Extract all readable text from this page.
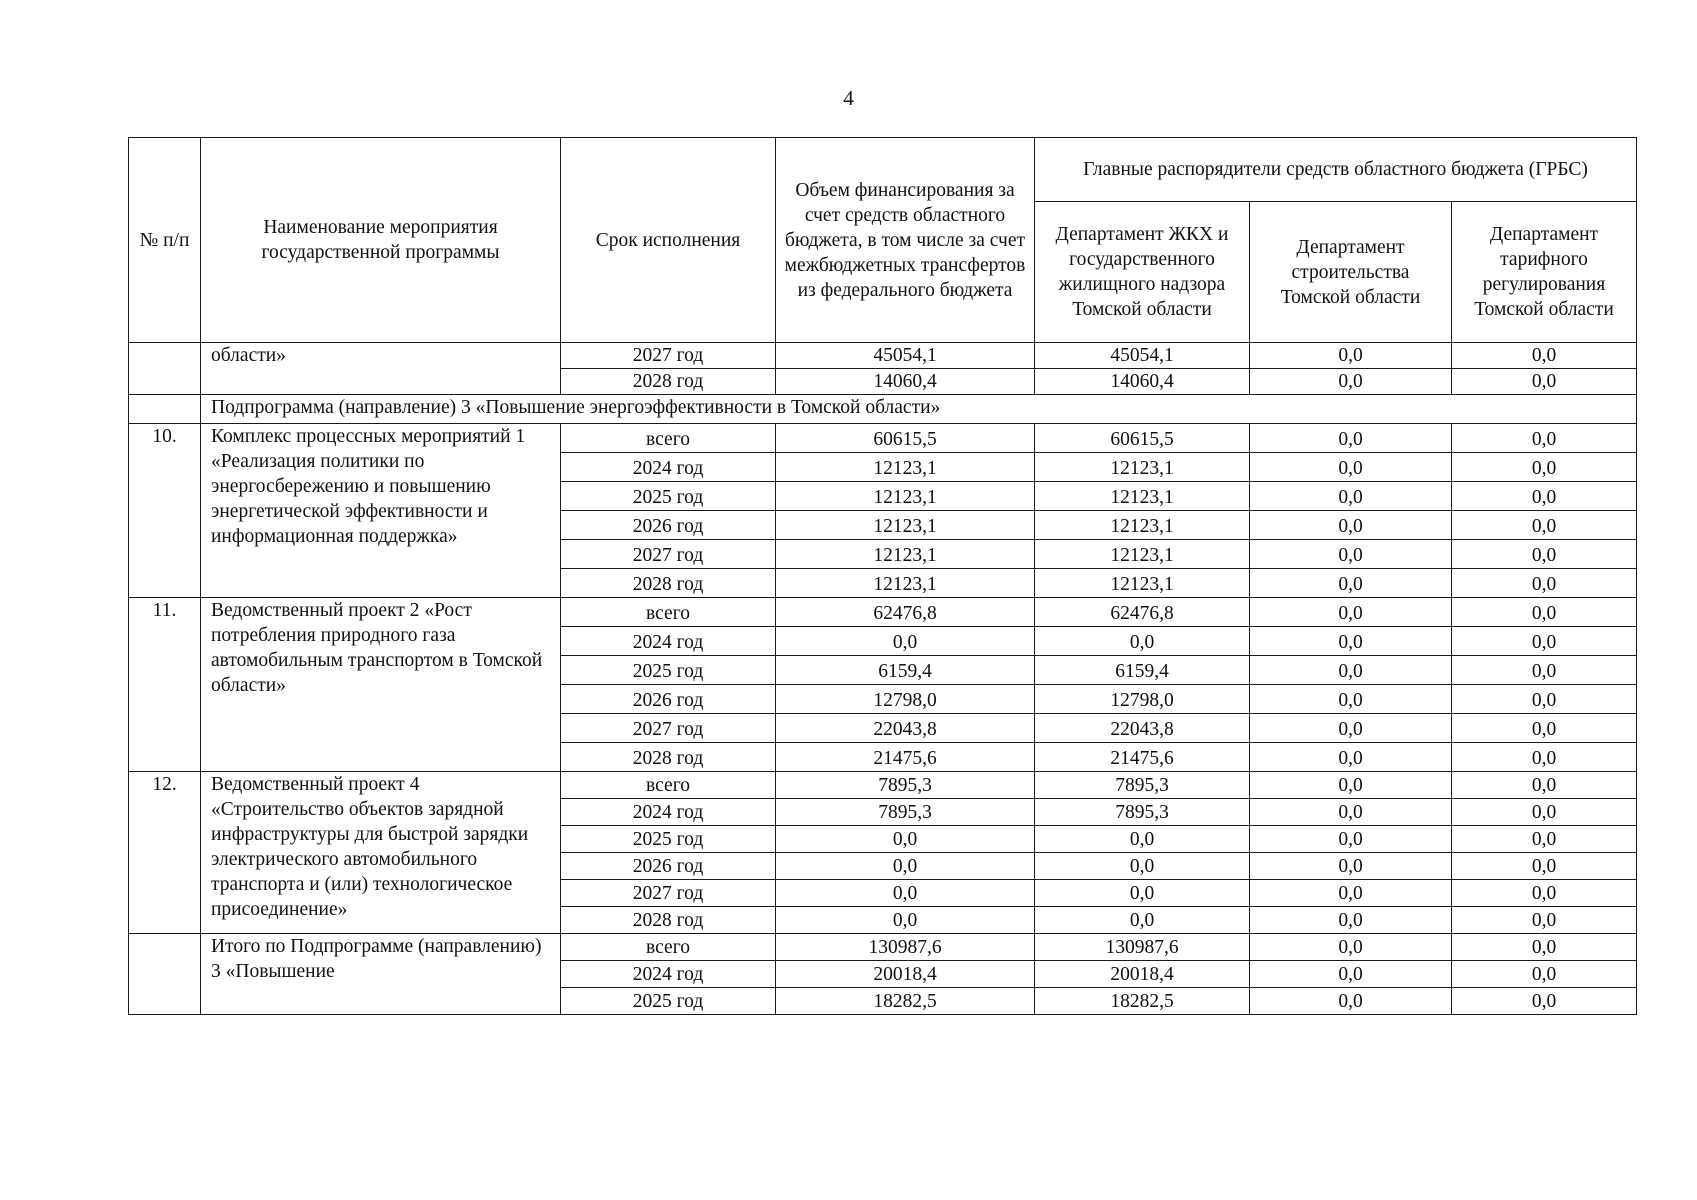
4
№ п/п	Наименование мероприятия государственной программы	Срок исполнения	Объем финансирования за счет средств областного бюджета, в том числе за счет межбюджетных трансфертов из федерального бюджета	Главные распорядители средств областного бюджета (ГРБС)		
				Департамент ЖКХ и государственного жилищного надзора Томской области	Департамент строительства Томской области	Департамент тарифного регулирования Томской области
	области»	2027 год	45054,1	45054,1	0,0	0,0
		2028 год	14060,4	14060,4	0,0	0,0
	Подпрограмма (направление) 3 «Повышение энергоэффективности в Томской области»					
10.	Комплекс процессных мероприятий 1 «Реализация политики по энергосбережению и повышению энергетической эффективности и информационная поддержка»	всего	60615,5	60615,5	0,0	0,0
		2024 год	12123,1	12123,1	0,0	0,0
		2025 год	12123,1	12123,1	0,0	0,0
		2026 год	12123,1	12123,1	0,0	0,0
		2027 год	12123,1	12123,1	0,0	0,0
		2028 год	12123,1	12123,1	0,0	0,0
11.	Ведомственный проект 2 «Рост потребления природного газа автомобильным транспортом в Томской области»	всего	62476,8	62476,8	0,0	0,0
		2024 год	0,0	0,0	0,0	0,0
		2025 год	6159,4	6159,4	0,0	0,0
		2026 год	12798,0	12798,0	0,0	0,0
		2027 год	22043,8	22043,8	0,0	0,0
		2028 год	21475,6	21475,6	0,0	0,0
12.	Ведомственный проект 4 «Строительство объектов зарядной инфраструктуры для быстрой зарядки электрического автомобильного транспорта и (или) технологическое присоединение»	всего	7895,3	7895,3	0,0	0,0
		2024 год	7895,3	7895,3	0,0	0,0
		2025 год	0,0	0,0	0,0	0,0
		2026 год	0,0	0,0	0,0	0,0
		2027 год	0,0	0,0	0,0	0,0
		2028 год	0,0	0,0	0,0	0,0
	Итого по Подпрограмме (направлению) 3 «Повышение	всего	130987,6	130987,6	0,0	0,0
		2024 год	20018,4	20018,4	0,0	0,0
		2025 год	18282,5	18282,5	0,0	0,0
